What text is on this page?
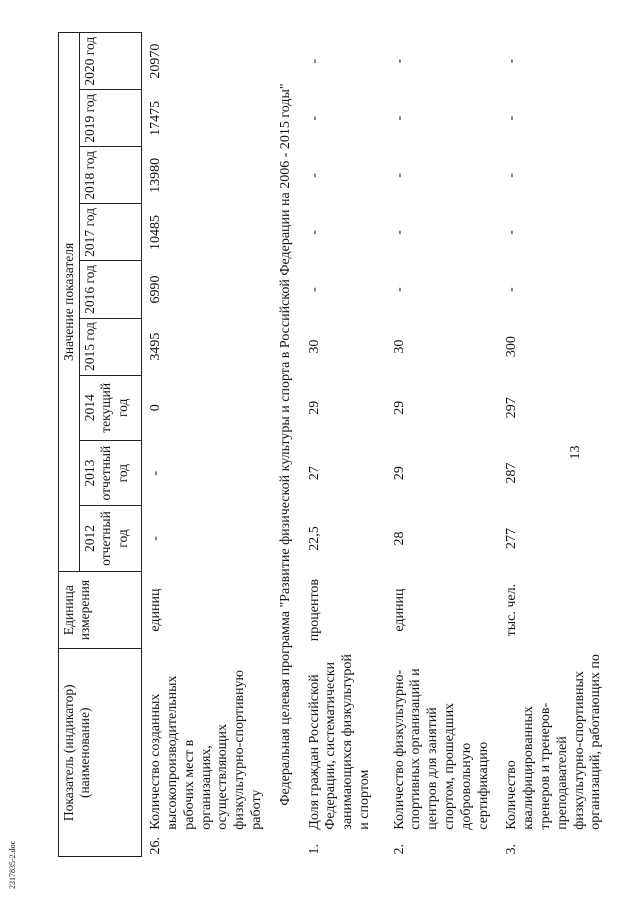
2317835-2.doc
Показатель (индикатор) (наименование)		Единица измерения	Значение показателя								
			2012 отчетный год	2013 отчетный год	2014 текущий год	2015 год	2016 год	2017 год	2018 год	2019 год	2020 год
26.	Количество созданных высокопроизводительных рабочих мест в организациях, осуществляющих физкультурно-спортивную работу	единиц	-	-	0	3495	6990	10485	13980	17475	20970
Федеральная целевая программа "Развитие физической культуры и спорта в Российской Федерации на 2006 - 2015 годы"											
1.	Доля граждан Российской Федерации, систематически занимающихся физкультурой и спортом	процентов	22,5	27	29	30	-	-	-	-	-
2.	Количество физкультурно-спортивных организаций и центров для занятий спортом, прошедших добровольную сертификацию	единиц	28	29	29	30	-	-	-	-	-
3.	Количество квалифицированных тренеров и тренеров-преподавателей физкультурно-спортивных организаций, работающих по	тыс. чел.	277	287	297	300	-	-	-	-	-
13
